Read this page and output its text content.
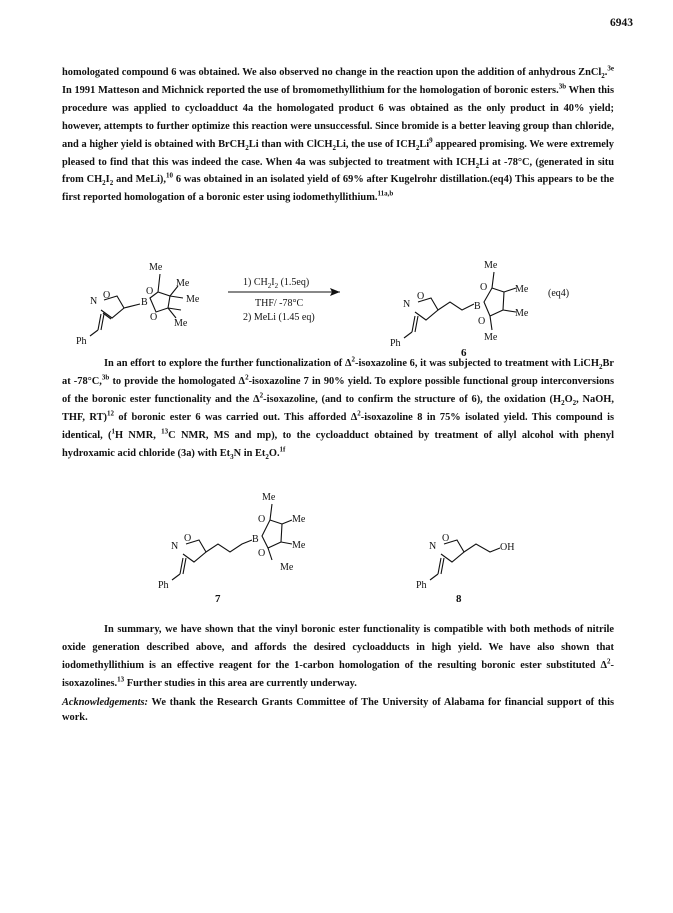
6943

homologated compound 6 was obtained. We also observed no change in the reaction upon the addition of anhydrous ZnCl$_2$.$^{3e}$ In 1991 Matteson and Michnick reported the use of bromomethyllithium for the homologation of boronic esters.$^{3b}$ When this procedure was applied to cycloadduct 4a the homologated product 6 was obtained as the only product in 40% yield; however, attempts to further optimize this reaction were unsuccessful. Since bromide is a better leaving group than chloride, and a higher yield is obtained with BrCH$_2$Li than with ClCH$_2$Li, the use of $ICH_2Li^9$ appeared promising. We were extremely pleased to find that this was indeed the case. When 4a was subjected to treatment with $ICH_2Li$ at -78°C, (generated in situ from $CH_2I_2$ and MeLi),$^{10}$ 6 was obtained in an isolated yield of 69% after Kugelrohr distillation.(eq4) This appears to be the first reported homologation of a boronic ester using iodomethyllithium.$^{11a,b}$

N
O
B
O
O
Me
Me
Me
Me
Ph
1) $CH_2I_2$ (1.5eq)
THF/ -78°C
2) MeLi (1.45 eq)
N
O
B
O
O
Me
Me
Me
Me
Ph
(eq4)
6

In an effort to explore the further functionalization of $\Delta^2$-isoxazoline 6, it was subjected to treatment with LiCH$_2$Br at -78°C,$^{3b}$ to provide the homologated $\Delta^2$-isoxazoline 7 in 90% yield. To explore possible functional group interconversions of the boronic ester functionality and the $\Delta^2$-isoxazoline, (and to confirm the structure of 6), the oxidation ($H_2O_2$, NaOH, THF, RT)$^{12}$ of boronic ester 6 was carried out. This afforded $\Delta^2$-isoxazoline 8 in 75% isolated yield. This compound is identical, ($^1$H NMR, $^{13}$C NMR, MS and mp), to the cycloadduct obtained by treatment of allyl alcohol with phenyl hydroxamic acid chloride (3a) with $Et_3N$ in $Et_2O.^{1f}$

N
O	B
O
O
Me
Me
Me
Me
Ph
7
N
O
OH
Ph
8

In summary, we have shown that the vinyl boronic ester functionality is compatible with both methods of nitrile oxide generation described above, and affords the desired cycloadducts in high yield. We have also shown that iodomethyllithium is an effective reagent for the 1-carbon homologation of the resulting boronic ester substituted $\Delta^2-isoxazolines.^{13}$ Further studies in this area are currently underway.

Acknowledgements: We thank the Research Grants Committee of The University of Alabama for financial support of this work.
